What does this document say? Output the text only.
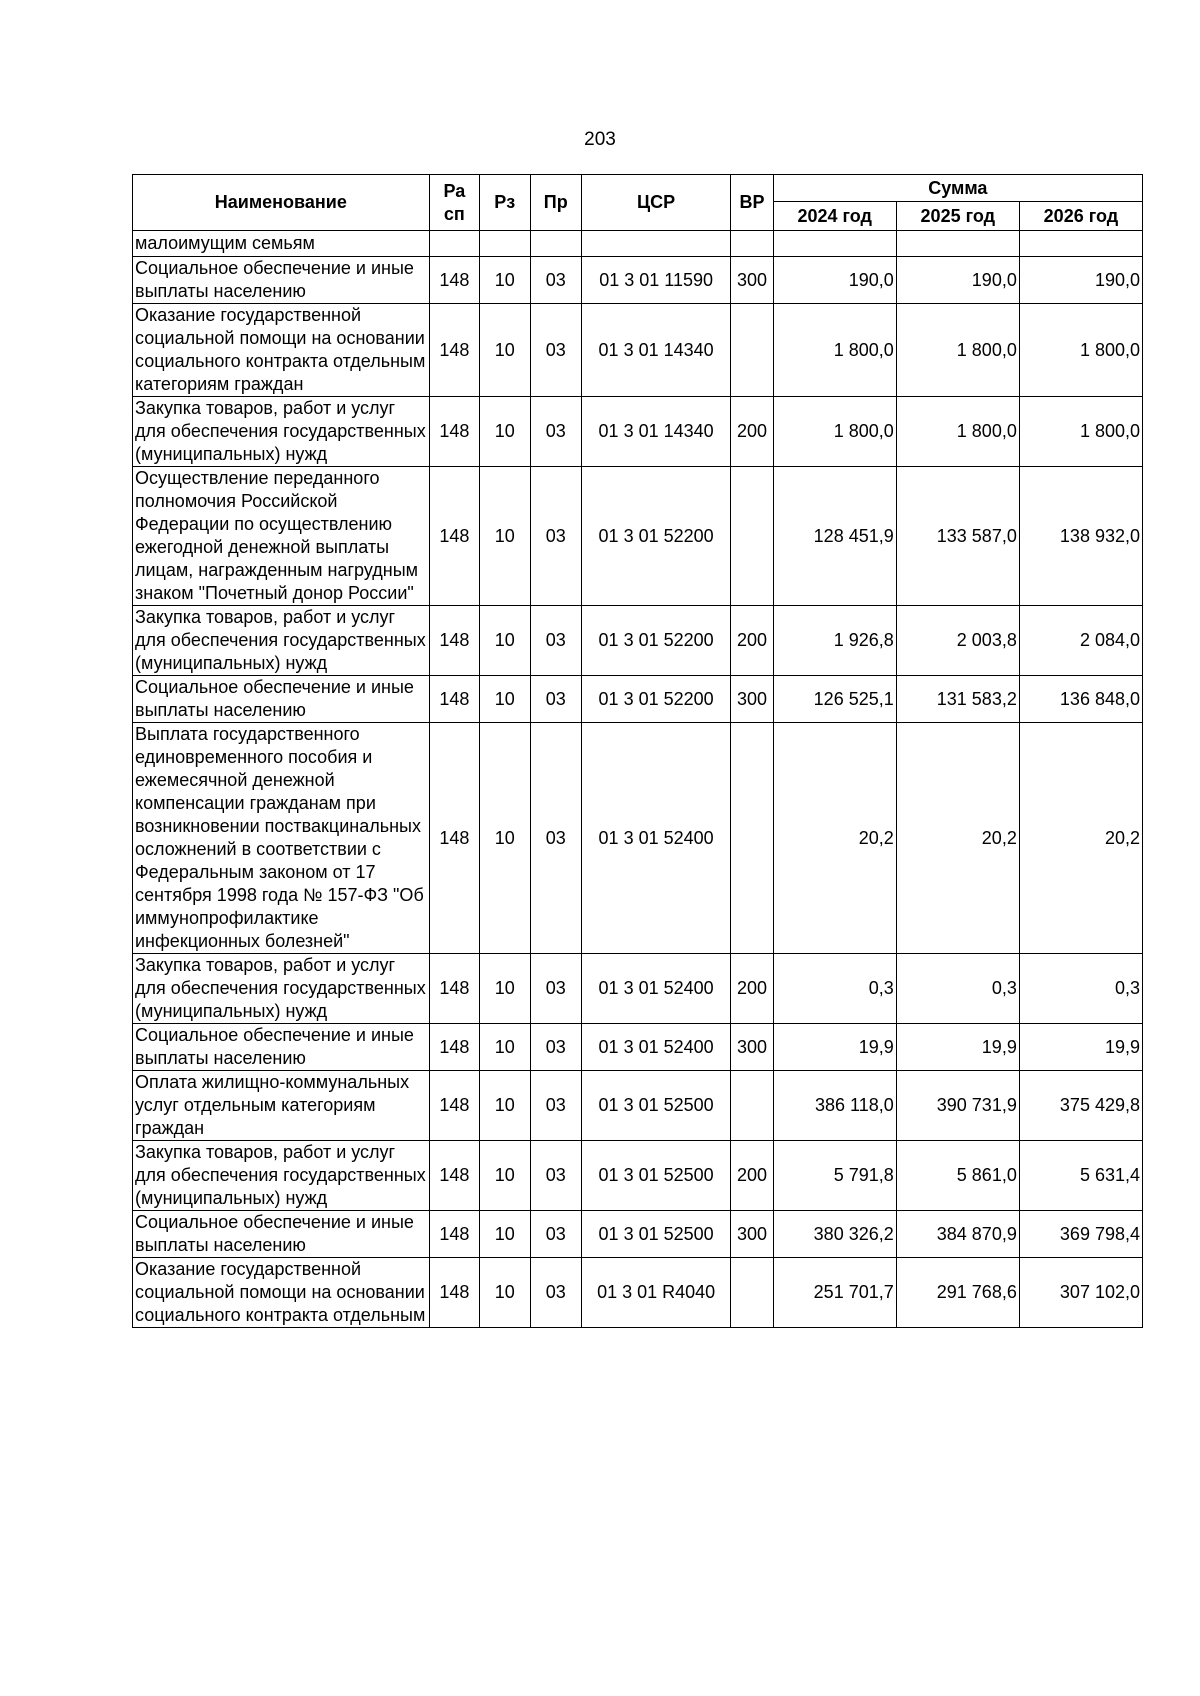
203
Наименование	Ра сп	Рз	Пр	ЦСР	ВР	Сумма		
						2024 год	2025 год	2026 год
малоимущим семьям								
Социальное обеспечение и иные выплаты населению	148	10	03	01 3 01 11590	300	190,0	190,0	190,0
Оказание государственной социальной помощи на основании социального контракта отдельным категориям граждан	148	10	03	01 3 01 14340		1 800,0	1 800,0	1 800,0
Закупка товаров, работ и услуг для обеспечения государственных (муниципальных) нужд	148	10	03	01 3 01 14340	200	1 800,0	1 800,0	1 800,0
Осуществление переданного полномочия Российской Федерации по осуществлению ежегодной денежной выплаты лицам, награжденным нагрудным знаком "Почетный донор России"	148	10	03	01 3 01 52200		128 451,9	133 587,0	138 932,0
Закупка товаров, работ и услуг для обеспечения государственных (муниципальных) нужд	148	10	03	01 3 01 52200	200	1 926,8	2 003,8	2 084,0
Социальное обеспечение и иные выплаты населению	148	10	03	01 3 01 52200	300	126 525,1	131 583,2	136 848,0
Выплата государственного единовременного пособия и ежемесячной денежной компенсации гражданам при возникновении поствакцинальных осложнений в соответствии с Федеральным законом от 17 сентября 1998 года № 157-ФЗ "Об иммунопрофилактике инфекционных болезней"	148	10	03	01 3 01 52400		20,2	20,2	20,2
Закупка товаров, работ и услуг для обеспечения государственных (муниципальных) нужд	148	10	03	01 3 01 52400	200	0,3	0,3	0,3
Социальное обеспечение и иные выплаты населению	148	10	03	01 3 01 52400	300	19,9	19,9	19,9
Оплата жилищно-коммунальных услуг отдельным категориям граждан	148	10	03	01 3 01 52500		386 118,0	390 731,9	375 429,8
Закупка товаров, работ и услуг для обеспечения государственных (муниципальных) нужд	148	10	03	01 3 01 52500	200	5 791,8	5 861,0	5 631,4
Социальное обеспечение и иные выплаты населению	148	10	03	01 3 01 52500	300	380 326,2	384 870,9	369 798,4
Оказание государственной социальной помощи на основании социального контракта отдельным	148	10	03	01 3 01 R4040		251 701,7	291 768,6	307 102,0
